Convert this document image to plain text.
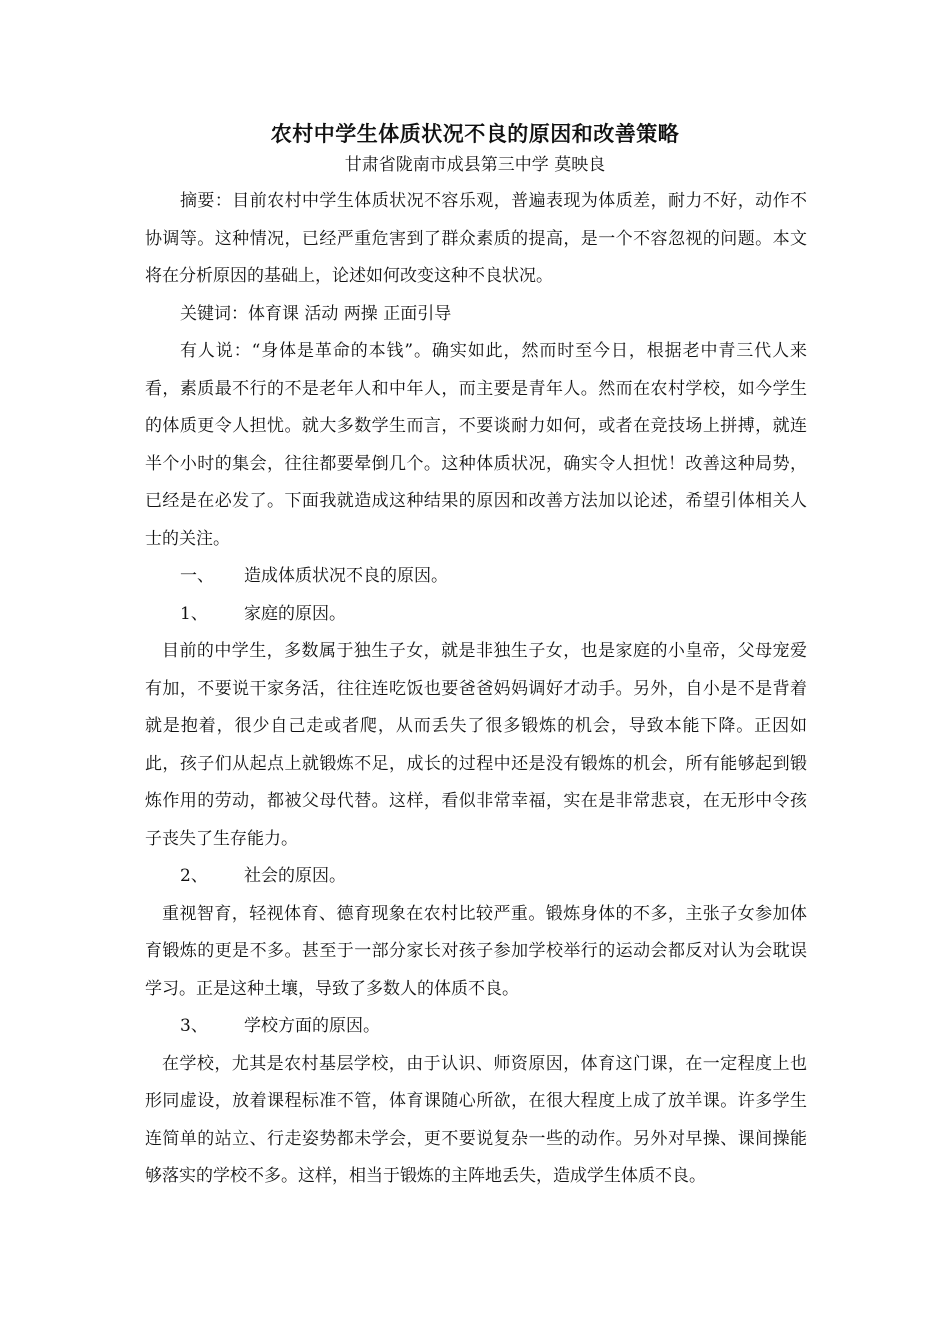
农村中学生体质状况不良的原因和改善策略
甘肃省陇南市成县第三中学 莫映良

摘要：目前农村中学生体质状况不容乐观，普遍表现为体质差，耐力不好，动作不协调等。这种情况，已经严重危害到了群众素质的提高，是一个不容忽视的问题。本文将在分析原因的基础上，论述如何改变这种不良状况。

关键词：体育课 活动 两操 正面引导

有人说：“身体是革命的本钱”。确实如此，然而时至今日，根据老中青三代人来看，素质最不行的不是老年人和中年人，而主要是青年人。然而在农村学校，如今学生的体质更令人担忧。就大多数学生而言，不要谈耐力如何，或者在竞技场上拼搏，就连半个小时的集会，往往都要晕倒几个。这种体质状况，确实令人担忧！改善这种局势，已经是在必发了。下面我就造成这种结果的原因和改善方法加以论述，希望引体相关人士的关注。

一、 造成体质状况不良的原因。

1、 家庭的原因。

目前的中学生，多数属于独生子女，就是非独生子女，也是家庭的小皇帝，父母宠爱有加，不要说干家务活，往往连吃饭也要爸爸妈妈调好才动手。另外，自小是不是背着就是抱着，很少自己走或者爬，从而丢失了很多锻炼的机会，导致本能下降。正因如此，孩子们从起点上就锻炼不足，成长的过程中还是没有锻炼的机会，所有能够起到锻炼作用的劳动，都被父母代替。这样，看似非常幸福，实在是非常悲哀，在无形中令孩子丧失了生存能力。

2、 社会的原因。

重视智育，轻视体育、德育现象在农村比较严重。锻炼身体的不多，主张子女参加体育锻炼的更是不多。甚至于一部分家长对孩子参加学校举行的运动会都反对认为会耽误学习。正是这种土壤，导致了多数人的体质不良。

3、 学校方面的原因。

在学校，尤其是农村基层学校，由于认识、师资原因，体育这门课，在一定程度上也形同虚设，放着课程标准不管，体育课随心所欲，在很大程度上成了放羊课。许多学生连简单的站立、行走姿势都未学会，更不要说复杂一些的动作。另外对早操、课间操能够落实的学校不多。这样，相当于锻炼的主阵地丢失，造成学生体质不良。
